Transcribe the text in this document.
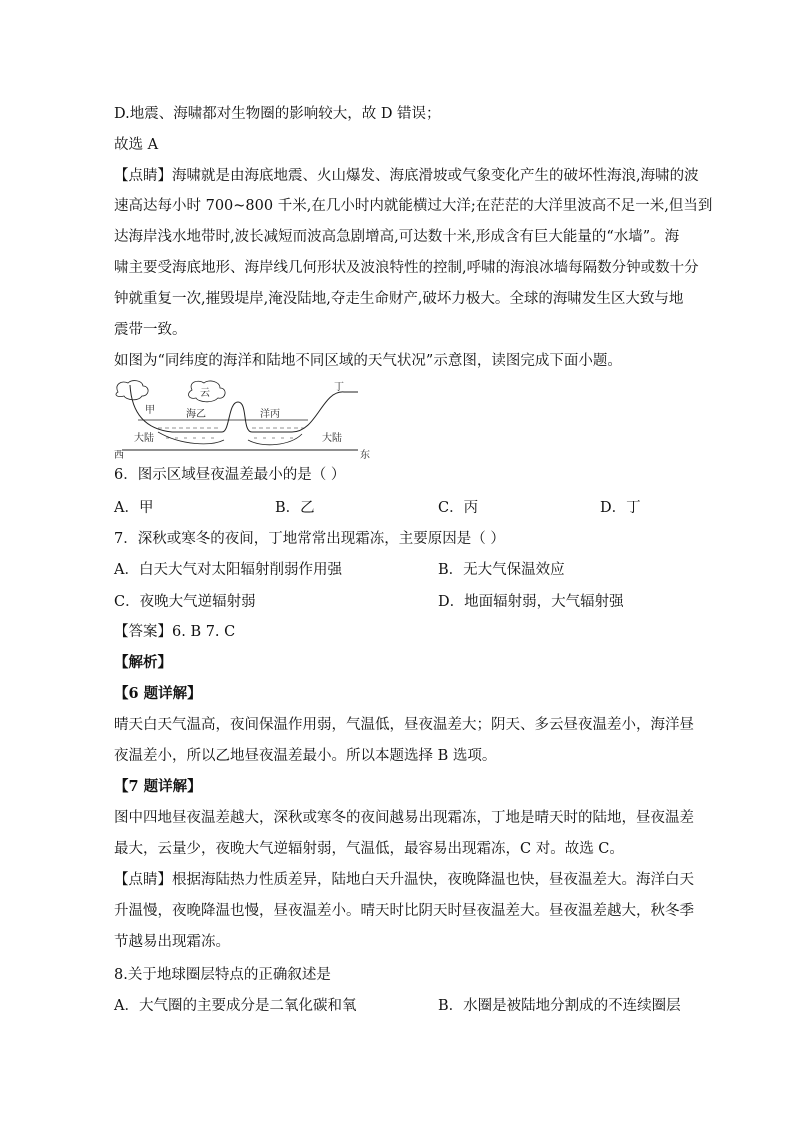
D.地震、海啸都对生物圈的影响较大，故 D 错误；
故选 A
【点睛】海啸就是由海底地震、火山爆发、海底滑坡或气象变化产生的破坏性海浪,海啸的波
速高达每小时 700~800 千米,在几小时内就能横过大洋;在茫茫的大洋里波高不足一米,但当到
达海岸浅水地带时,波长减短而波高急剧增高,可达数十米,形成含有巨大能量的“水墙”。海
啸主要受海底地形、海岸线几何形状及波浪特性的控制,呼啸的海浪冰墙每隔数分钟或数十分
钟就重复一次,摧毁堤岸,淹没陆地,夺走生命财产,破坏力极大。全球的海啸发生区大致与地
震带一致。
如图为“同纬度的海洋和陆地不同区域的天气状况”示意图，读图完成下面小题。
甲
云
海乙	洋丙
丁
大陆	大陆
西	东
6．图示区域昼夜温差最小的是（ ）
A．甲	B．乙	C．丙	D．丁
7．深秋或寒冬的夜间，丁地常常出现霜冻，主要原因是（ ）
A．白天大气对太阳辐射削弱作用强	B．无大气保温效应
C．夜晚大气逆辐射弱	D．地面辐射弱，大气辐射强
【答案】6. B 7. C
【解析】
【6 题详解】
晴天白天气温高，夜间保温作用弱，气温低，昼夜温差大；阴天、多云昼夜温差小，海洋昼
夜温差小，所以乙地昼夜温差最小。所以本题选择 B 选项。
【7 题详解】
图中四地昼夜温差越大，深秋或寒冬的夜间越易出现霜冻，丁地是晴天时的陆地，昼夜温差
最大，云量少，夜晚大气逆辐射弱，气温低，最容易出现霜冻，C 对。故选 C。
【点睛】根据海陆热力性质差异，陆地白天升温快，夜晚降温也快，昼夜温差大。海洋白天
升温慢，夜晚降温也慢，昼夜温差小。晴天时比阴天时昼夜温差大。昼夜温差越大，秋冬季
节越易出现霜冻。
8.关于地球圈层特点的正确叙述是
A．大气圈的主要成分是二氧化碳和氧	B．水圈是被陆地分割成的不连续圈层
